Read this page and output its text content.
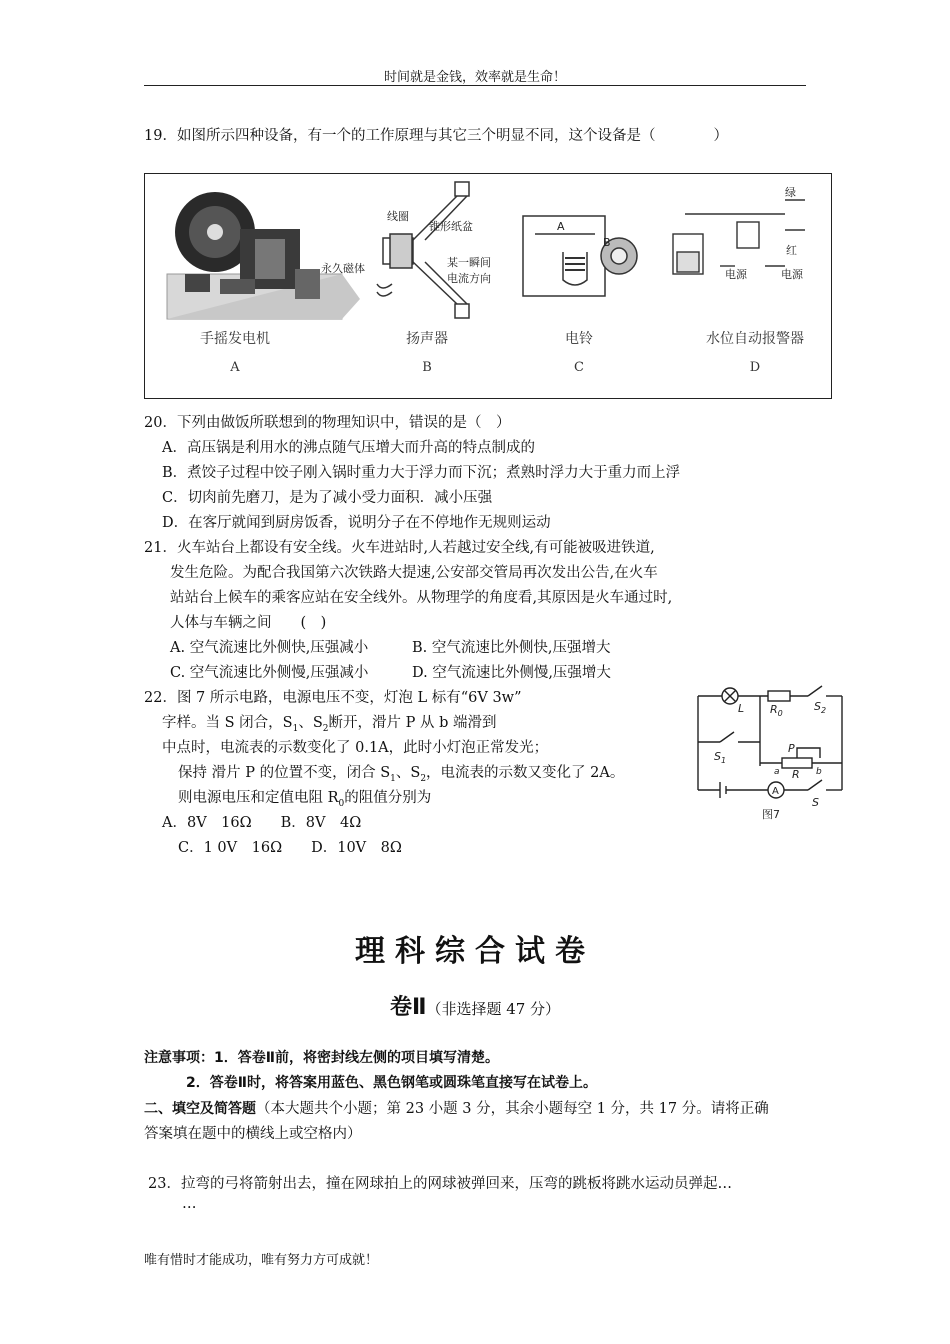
时间就是金钱，效率就是生命！
19．如图所示四种设备，有一个的工作原理与其它三个明显不同，这个设备是（　　　　）
线圈
锥形纸盆
永久磁体	某一瞬间
电流方向
A
B
绿
红
电源	电源
手摇发电机	扬声器	电铃	水位自动报警器
A	B	C	D
20．下列由做饭所联想到的物理知识中，错误的是（　）
A．高压锅是利用水的沸点随气压增大而升高的特点制成的
B．煮饺子过程中饺子刚入锅时重力大于浮力而下沉；煮熟时浮力大于重力而上浮
C．切肉前先磨刀，是为了减小受力面积．减小压强
D．在客厅就闻到厨房饭香，说明分子在不停地作无规则运动
21．火车站台上都设有安全线。火车进站时,人若越过安全线,有可能被吸进铁道,
发生危险。为配合我国第六次铁路大提速,公安部交管局再次发出公告,在火车
站站台上候车的乘客应站在安全线外。从物理学的角度看,其原因是火车通过时,
人体与车辆之间　　(　)
A. 空气流速比外侧快,压强减小	B. 空气流速比外侧快,压强增大
C. 空气流速比外侧慢,压强减小	D. 空气流速比外侧慢,压强增大
22．图 7 所示电路，电源电压不变，灯泡 L 标有“6V 3w”
字样。当 S 闭合，$S_1$、$S_2$断开，滑片 P 从 b 端滑到
中点时，电流表的示数变化了 0.1A，此时小灯泡正常发光；
保持 滑片 P 的位置不变，闭合 $S_1$、$S_2$，电流表的示数又变化了 2A。
则电源电压和定值电阻 $R_0$的阻值分别为
A．8V　16Ω　　B．8V　4Ω
C．1 0V　16Ω　　D．10V　8Ω
L $R_0$
$S_2$
$S_1$
P
a R b
A
S
图7
理科综合试卷
卷Ⅱ（非选择题 47 分）
注意事项：1．答卷Ⅱ前，将密封线左侧的项目填写清楚。
2．答卷Ⅱ时，将答案用蓝色、黑色钢笔或圆珠笔直接写在试卷上。
二、填空及简答题（本大题共个小题；第 23 小题 3 分，其余小题每空 1 分，共 17 分。请将正确
答案填在题中的横线上或空格内）
23．拉弯的弓将箭射出去，撞在网球拍上的网球被弹回来，压弯的跳板将跳水运动员弹起…
…
唯有惜时才能成功，唯有努力方可成就！
